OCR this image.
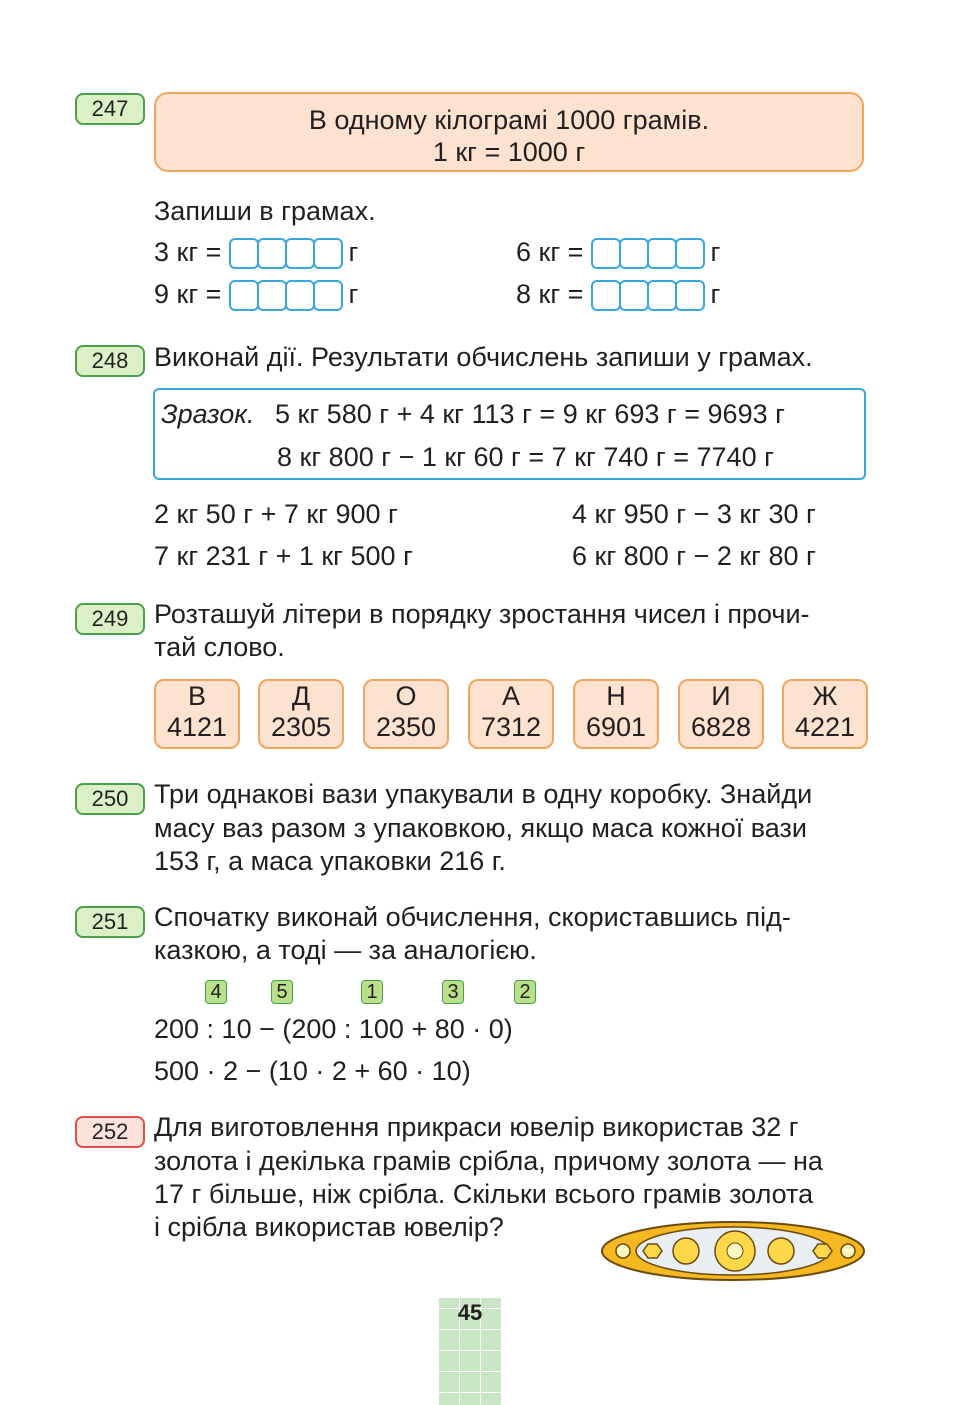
247	В одному кілограмі 1000 грамів.
1 кг = 1000 г
Запиши в грамах.
3 кг =	г	6 кг =	г
9 кг =	г	8 кг =	г
248 Виконай дії. Результати обчислень запиши у грамах.
Зразок. 5 кг 580 г + 4 кг 113 г = 9 кг 693 г = 9693 г
8 кг 800 г − 1 кг 60 г = 7 кг 740 г = 7740 г
2 кг 50 г + 7 кг 900 г	4 кг 950 г − 3 кг 30 г
7 кг 231 г + 1 кг 500 г	6 кг 800 г − 2 кг 80 г
249 Розташуй літери в порядку зростання чисел і прочи-
тай слово.
В
4121
Д
2305
О
2350
А
7312
Н
6901
И
6828
Ж
4221
250 Три однакові вази упакували в одну коробку. Знайди
масу ваз разом з упаковкою, якщо маса кожної вази
153 г, а маса упаковки 216 г.
251 Спочатку виконай обчислення, скориставшись під-
казкою, а тоді — за аналогією.
4	5	1	3	2
200 : 10 − (200 : 100 + 80 · 0)
500 · 2 − (10 · 2 + 60 · 10)
252 Для виготовлення прикраси ювелір використав 32 г
золота і декілька грамів срібла, причому золота — на
17 г більше, ніж срібла. Скільки всього грамів золота
і срібла використав ювелір?
45
